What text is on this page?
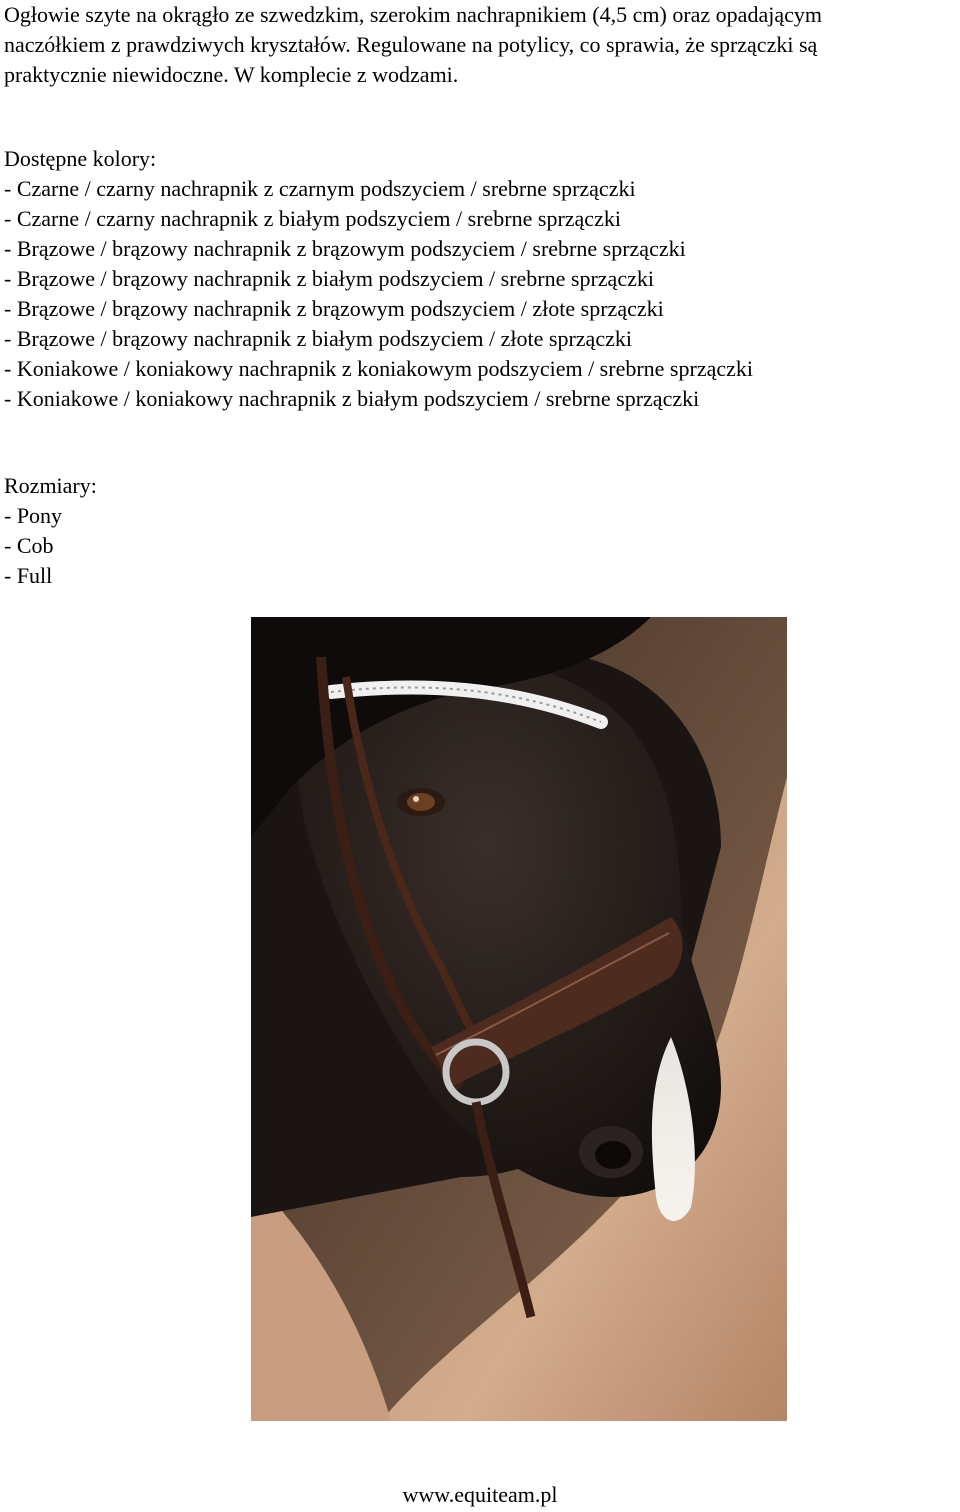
Ogłowie szyte na okrągło ze szwedzkim, szerokim nachrapnikiem (4,5 cm) oraz opadającym
naczółkiem z prawdziwych kryształów. Regulowane na potylicy, co sprawia, że sprzączki są
praktycznie niewidoczne. W komplecie z wodzami.
Dostępne kolory:
- Czarne / czarny nachrapnik z czarnym podszyciem / srebrne sprzączki
- Czarne / czarny nachrapnik z białym podszyciem / srebrne sprzączki
- Brązowe / brązowy nachrapnik z brązowym podszyciem / srebrne sprzączki
- Brązowe / brązowy nachrapnik z białym podszyciem / srebrne sprzączki
- Brązowe / brązowy nachrapnik z brązowym podszyciem / złote sprzączki
- Brązowe / brązowy nachrapnik z białym podszyciem / złote sprzączki
- Koniakowe / koniakowy nachrapnik z koniakowym podszyciem / srebrne sprzączki
- Koniakowe / koniakowy nachrapnik z białym podszyciem / srebrne sprzączki
Rozmiary:
- Pony
- Cob
- Full
www.equiteam.pl
